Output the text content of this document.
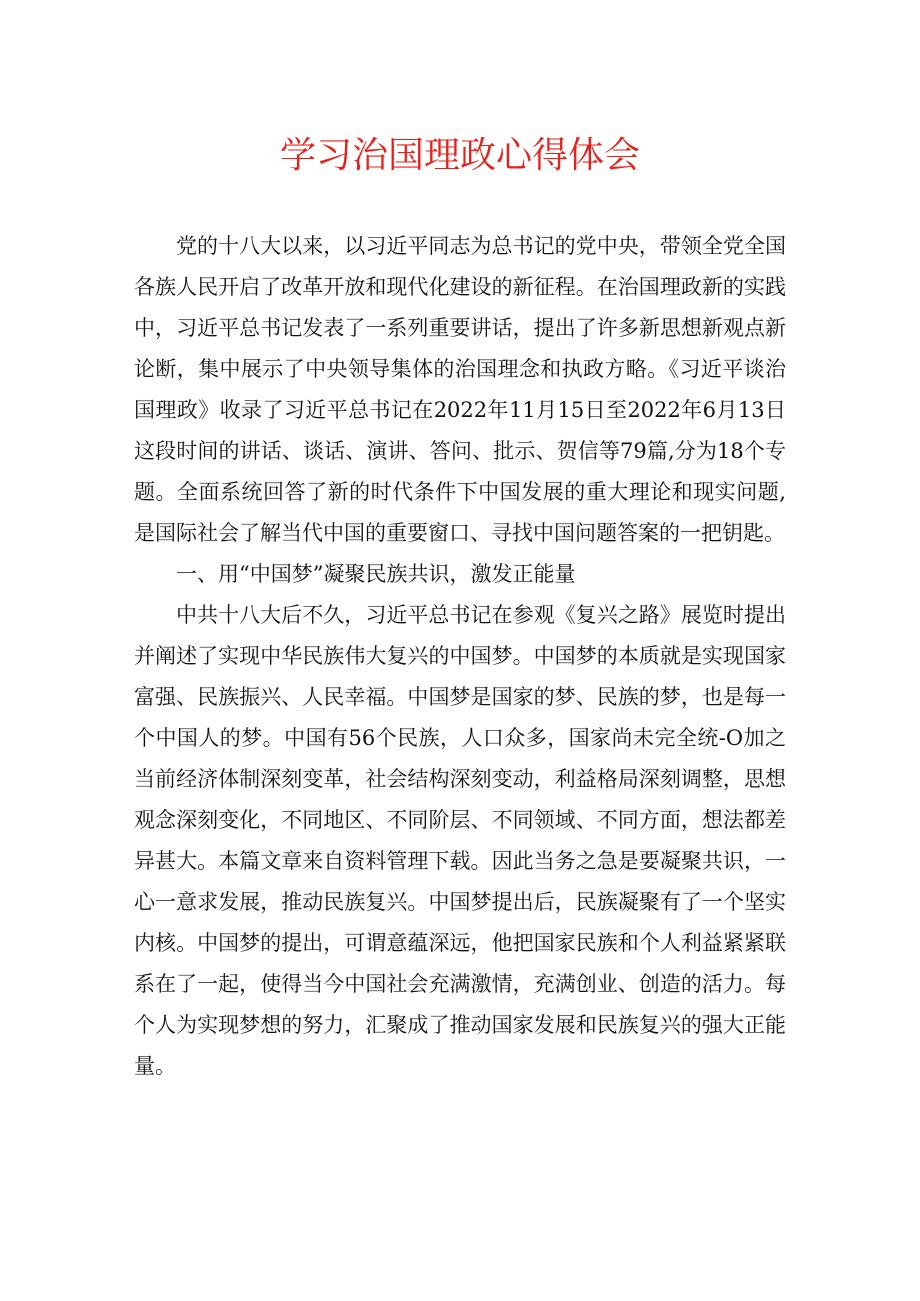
学习治国理政心得体会

党的十八大以来，以习近平同志为总书记的党中央，带领全党全国各族人民开启了改革开放和现代化建设的新征程。在治国理政新的实践中，习近平总书记发表了一系列重要讲话，提出了许多新思想新观点新论断，集中展示了中央领导集体的治国理念和执政方略。《习近平谈治国理政》收录了习近平总书记在2022年11月15日至2022年6月13日这段时间的讲话、谈话、演讲、答问、批示、贺信等79篇,分为18个专题。全面系统回答了新的时代条件下中国发展的重大理论和现实问题,是国际社会了解当代中国的重要窗口、寻找中国问题答案的一把钥匙。

一、用“中国梦”凝聚民族共识，激发正能量

中共十八大后不久，习近平总书记在参观《复兴之路》展览时提出并阐述了实现中华民族伟大复兴的中国梦。中国梦的本质就是实现国家富强、民族振兴、人民幸福。中国梦是国家的梦、民族的梦，也是每一个中国人的梦。中国有56个民族，人口众多，国家尚未完全统-O加之当前经济体制深刻变革，社会结构深刻变动，利益格局深刻调整，思想观念深刻变化，不同地区、不同阶层、不同领域、不同方面，想法都差异甚大。本篇文章来自资料管理下载。因此当务之急是要凝聚共识，一心一意求发展，推动民族复兴。中国梦提出后，民族凝聚有了一个坚实内核。中国梦的提出，可谓意蕴深远，他把国家民族和个人利益紧紧联系在了一起，使得当今中国社会充满激情，充满创业、创造的活力。每个人为实现梦想的努力，汇聚成了推动国家发展和民族复兴的强大正能量。
